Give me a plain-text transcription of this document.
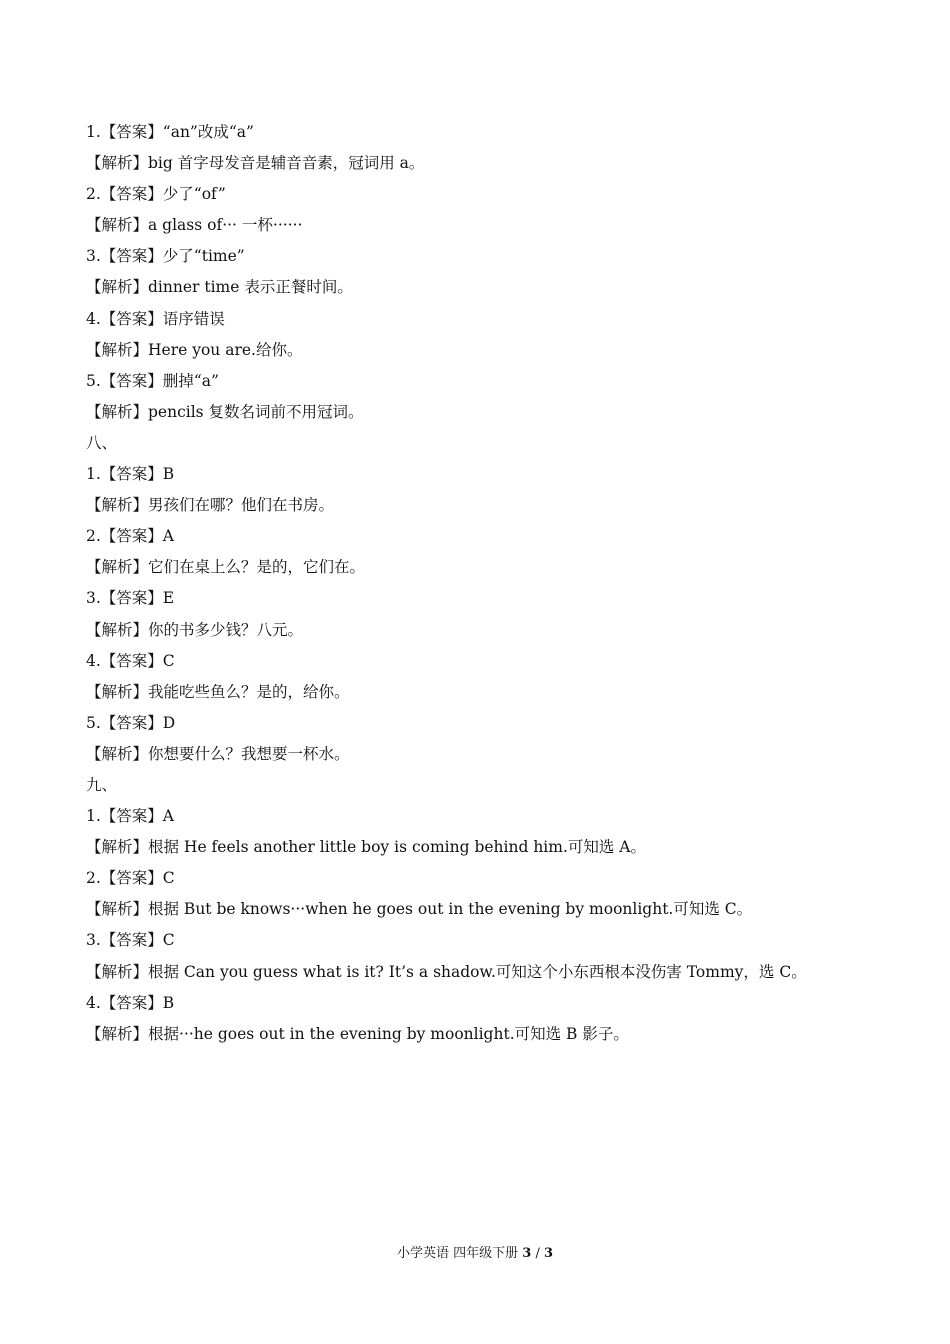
1.【答案】“an”改成“a”
【解析】big 首字母发音是辅音音素，冠词用 a。
2.【答案】少了“of”
【解析】a glass of··· 一杯······
3.【答案】少了“time”
【解析】dinner time 表示正餐时间。
4.【答案】语序错误
【解析】Here you are.给你。
5.【答案】删掉“a”
【解析】pencils 复数名词前不用冠词。
八、
1.【答案】B
【解析】男孩们在哪？他们在书房。
2.【答案】A
【解析】它们在桌上么？是的，它们在。
3.【答案】E
【解析】你的书多少钱？八元。
4.【答案】C
【解析】我能吃些鱼么？是的，给你。
5.【答案】D
【解析】你想要什么？我想要一杯水。
九、
1.【答案】A
【解析】根据 He feels another little boy is coming behind him.可知选 A。
2.【答案】C
【解析】根据 But be knows···when he goes out in the evening by moonlight.可知选 C。
3.【答案】C
【解析】根据 Can you guess what is it? It’s a shadow.可知这个小东西根本没伤害 Tommy，选 C。
4.【答案】B
【解析】根据···he goes out in the evening by moonlight.可知选 B 影子。
小学英语 四年级下册 3 / 3
